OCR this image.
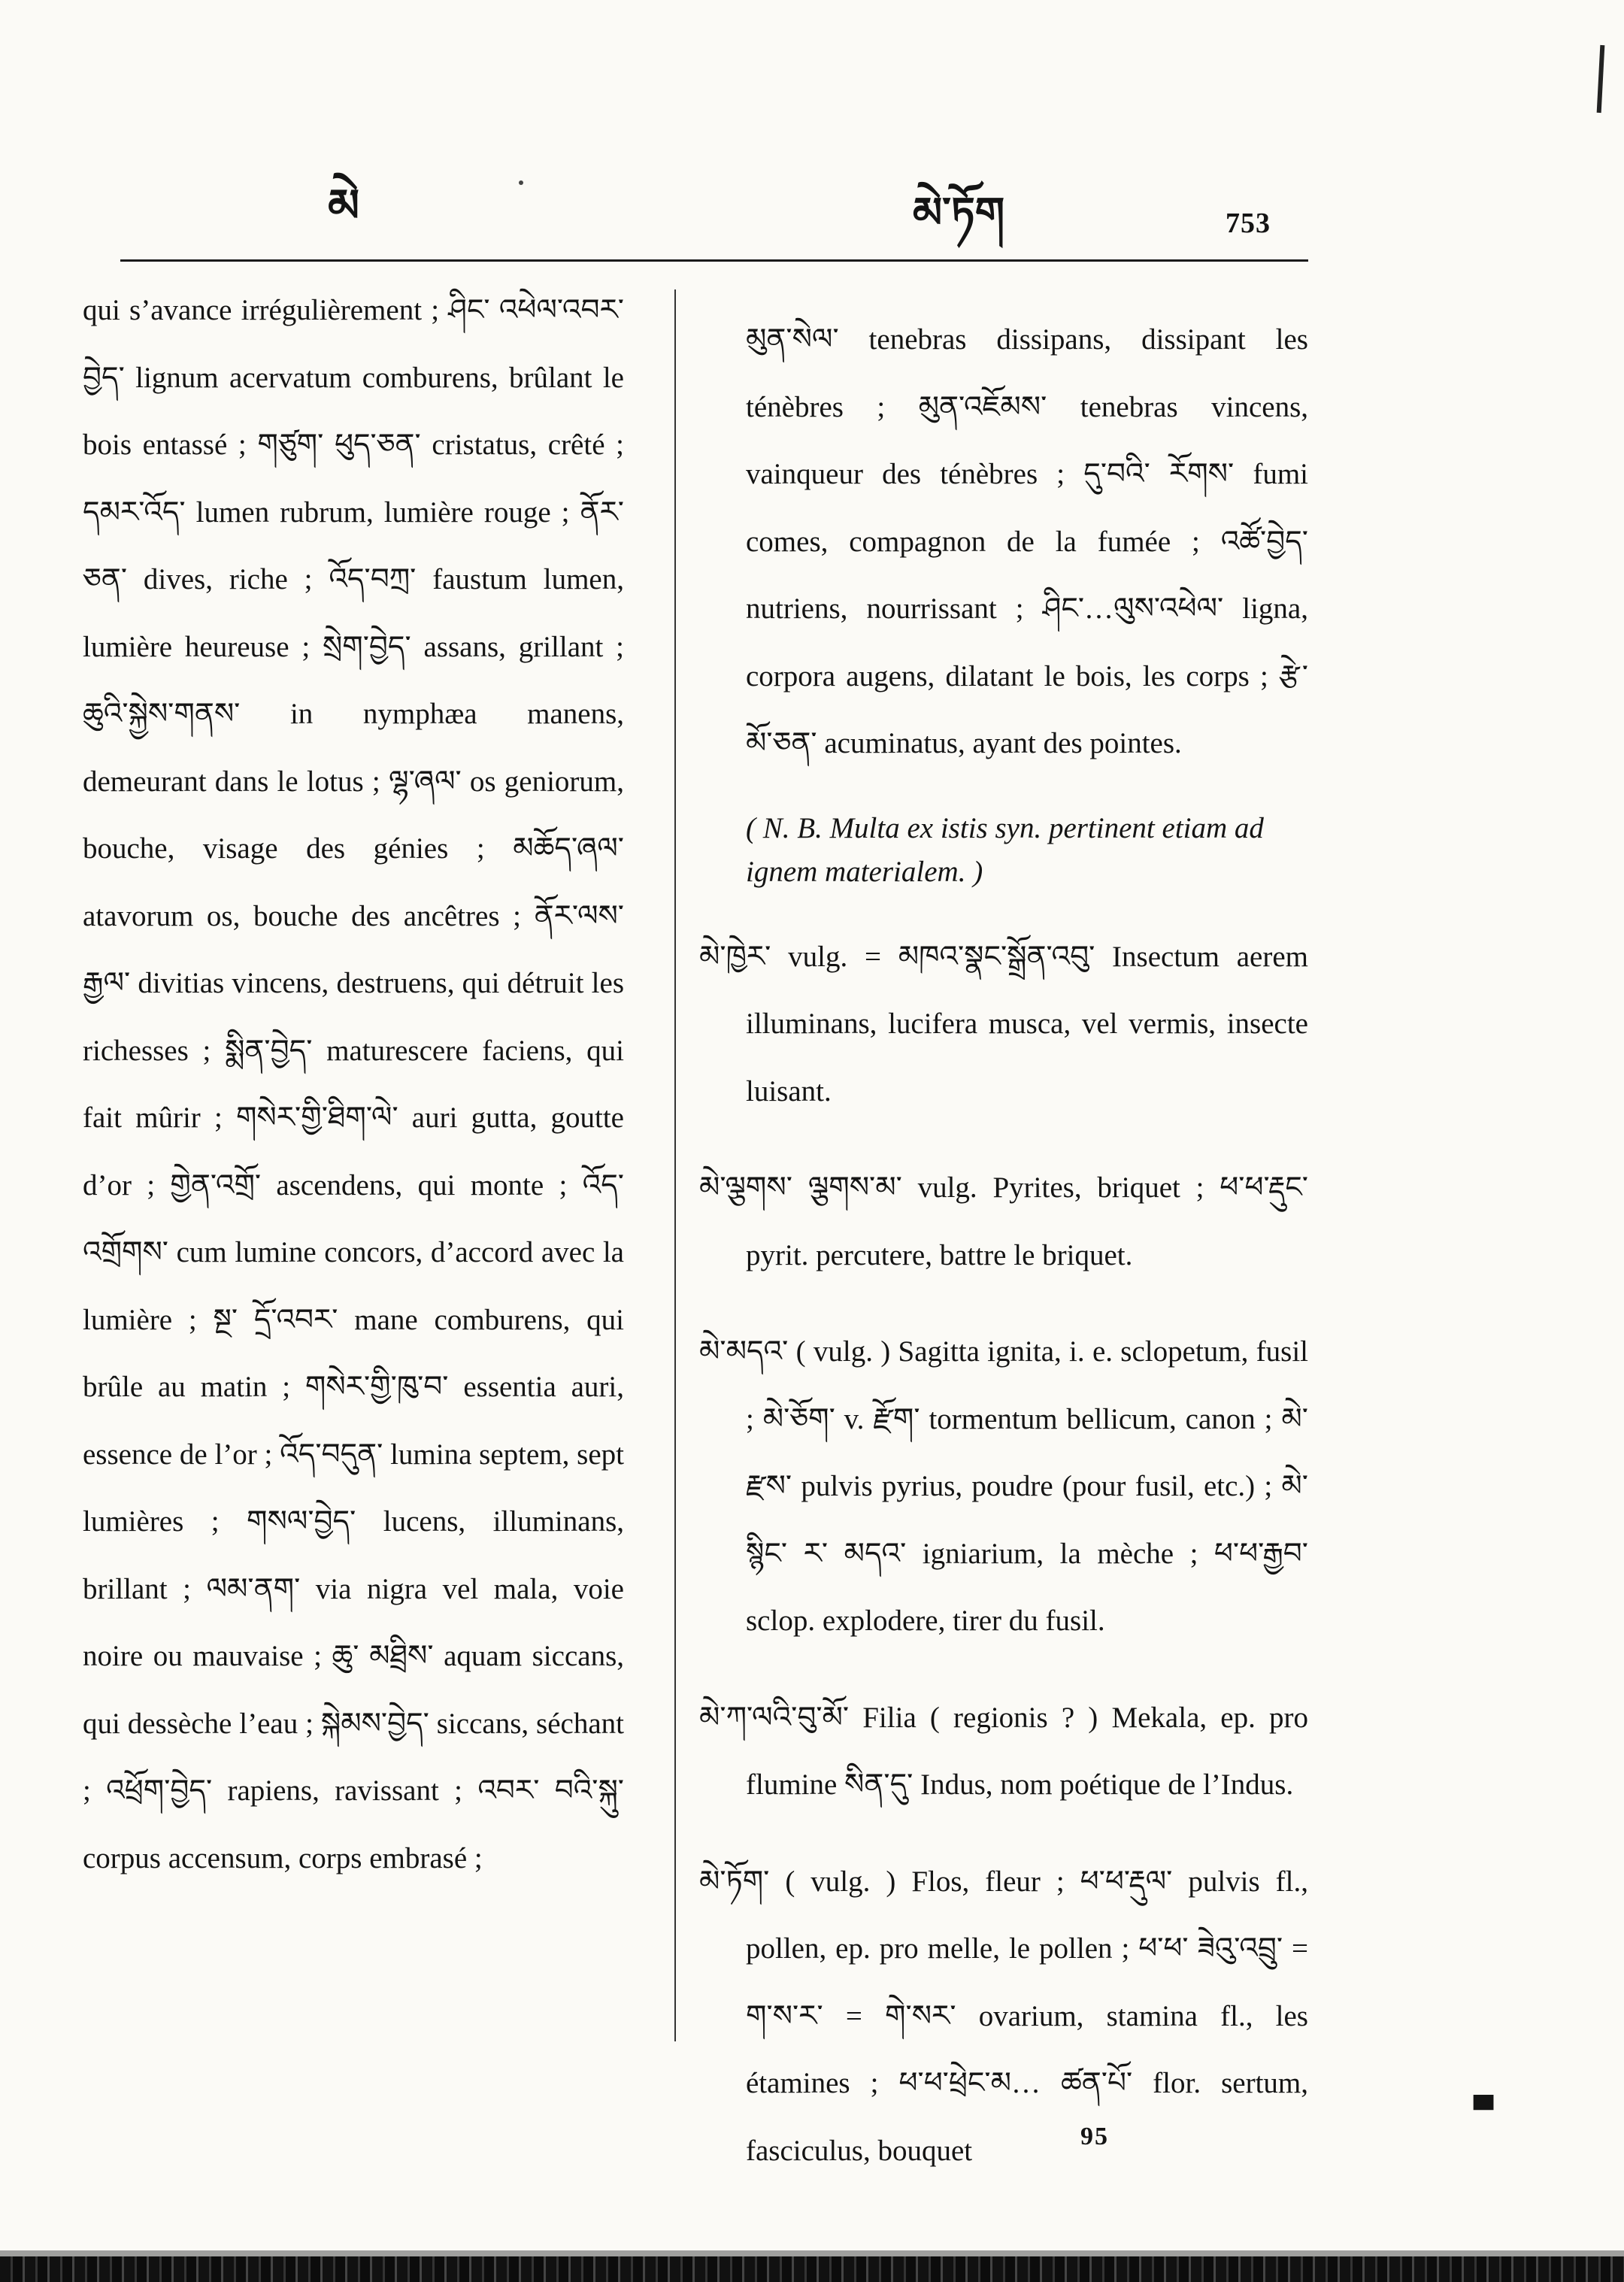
མེ	མེ་ཏོག	753

qui s’avance irrégulièrement ; ཤིང་ འཕེལ་འབར་བྱེད་ lignum acervatum comburens, brûlant le bois entassé ; གཙུག་ ཕུད་ཅན་ cristatus, crêté ; དམར་འོད་ lumen rubrum, lumière rouge ; ནོར་ཅན་ dives, riche ; འོད་བཀྲ་ faustum lumen, lumière heureuse ; སྲེག་བྱེད་ assans, grillant ; ཆུའི་སྐྱེས་གནས་ in nymphæa manens, demeurant dans le lotus ; ལྷ་ཞལ་ os geniorum, bouche, visage des génies ; མཆོད་ཞལ་ atavorum os, bouche des ancêtres ; ནོར་ལས་རྒྱལ་ divitias vincens, destruens, qui détruit les richesses ; སྨིན་བྱེད་ maturescere faciens, qui fait mûrir ; གསེར་གྱི་ཐིག་ལེ་ auri gutta, goutte d’or ; གྱེན་འགྲོ་ ascendens, qui monte ; འོད་འགྲོགས་ cum lumine concors, d’accord avec la lumière ; སྔ་ དྲོ་འབར་ mane comburens, qui brûle au matin ; གསེར་གྱི་ཁུ་བ་ essentia auri, essence de l’or ; འོད་བདུན་ lumina septem, sept lumières ; གསལ་བྱེད་ lucens, illuminans, brillant ; ལམ་ནག་ via nigra vel mala, voie noire ou mauvaise ; ཆུ་ མཐྲིས་ aquam siccans, qui dessèche l’eau ; སྐེམས་བྱེད་ siccans, séchant ; འཕྲོག་བྱེད་ rapiens, ravissant ; འབར་ བའི་སྐུ་ corpus accensum, corps embrasé ;

མུན་སེལ་ tenebras dissipans, dissipant les ténèbres ; མུན་འཇོམས་ tenebras vincens, vainqueur des ténèbres ; དུ་བའི་ རོགས་ fumi comes, compagnon de la fumée ; འཚོ་བྱེད་ nutriens, nourrissant ; ཤིང་…ལུས་འཕེལ་ ligna, corpora augens, dilatant le bois, les corps ; རྩེ་མོ་ཅན་ acuminatus, ayant des pointes.

( N. B. Multa ex istis syn. pertinent etiam ad ignem materialem. )

མེ་ཁྱེར་ vulg. = མཁའ་སྣང་སྒྲོན་འབུ་ Insectum aerem illuminans, lucifera musca, vel vermis, insecte luisant.

མེ་ལྕགས་ ལྕགས་མ་ vulg. Pyrites, briquet ; ཕ་ཕ་རྡུང་ pyrit. percutere, battre le briquet.

མེ་མདའ་ ( vulg. ) Sagitta ignita, i. e. sclopetum, fusil ; མེ་ཅོག་ v. རྫོག་ tormentum bellicum, canon ; མེ་རྫས་ pulvis pyrius, poudre (pour fusil, etc.) ; མེ་སྙིང་ ར་ མདའ་ igniarium, la mèche ; ཕ་ཕ་རྒྱབ་ sclop. explodere, tirer du fusil.

མེ་ཀ་ལའི་བུ་མོ་ Filia ( regionis ? ) Mekala, ep. pro flumine སིན་དུ་ Indus, nom poétique de l’Indus.

མེ་ཏོག་ ( vulg. ) Flos, fleur ; ཕ་ཕ་རྡུལ་ pulvis fl., pollen, ep. pro melle, le pollen ; ཕ་ཕ་ ཟེའུ་འབྲུ་ = ག་ས་ར་ = གེ་སར་ ovarium, stamina fl., les étamines ; ཕ་ཕ་ཕྲེང་མ… ཚན་པོ་ flor. sertum, fasciculus, bouquet	95
▀
